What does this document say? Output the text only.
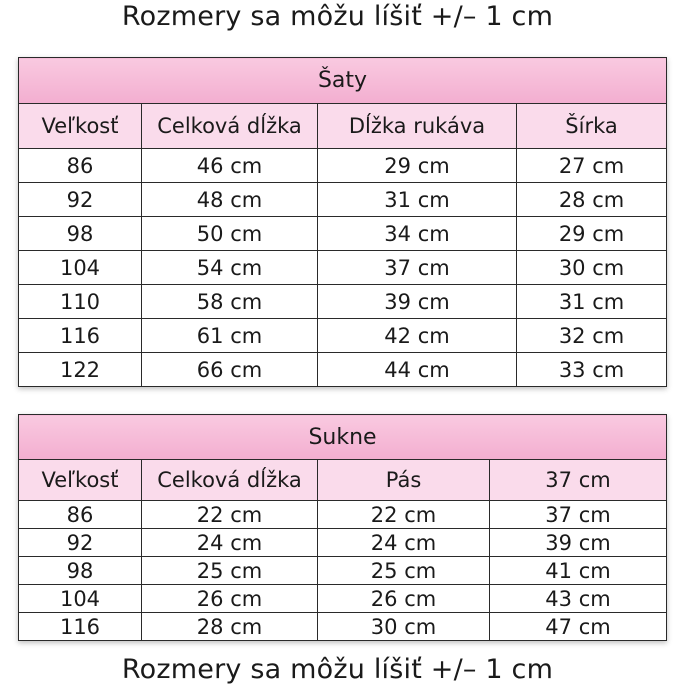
Rozmery sa môžu líšiť +/– 1 cm
Šaty			
Veľkosť	Celková dĺžka	Dĺžka rukáva	Šírka
86	46 cm	29 cm	27 cm
92	48 cm	31 cm	28 cm
98	50 cm	34 cm	29 cm
104	54 cm	37 cm	30 cm
110	58 cm	39 cm	31 cm
116	61 cm	42 cm	32 cm
122	66 cm	44 cm	33 cm
Sukne			
Veľkosť	Celková dĺžka	Pás	37 cm
86	22 cm	22 cm	37 cm
92	24 cm	24 cm	39 cm
98	25 cm	25 cm	41 cm
104	26 cm	26 cm	43 cm
116	28 cm	30 cm	47 cm
Rozmery sa môžu líšiť +/– 1 cm
